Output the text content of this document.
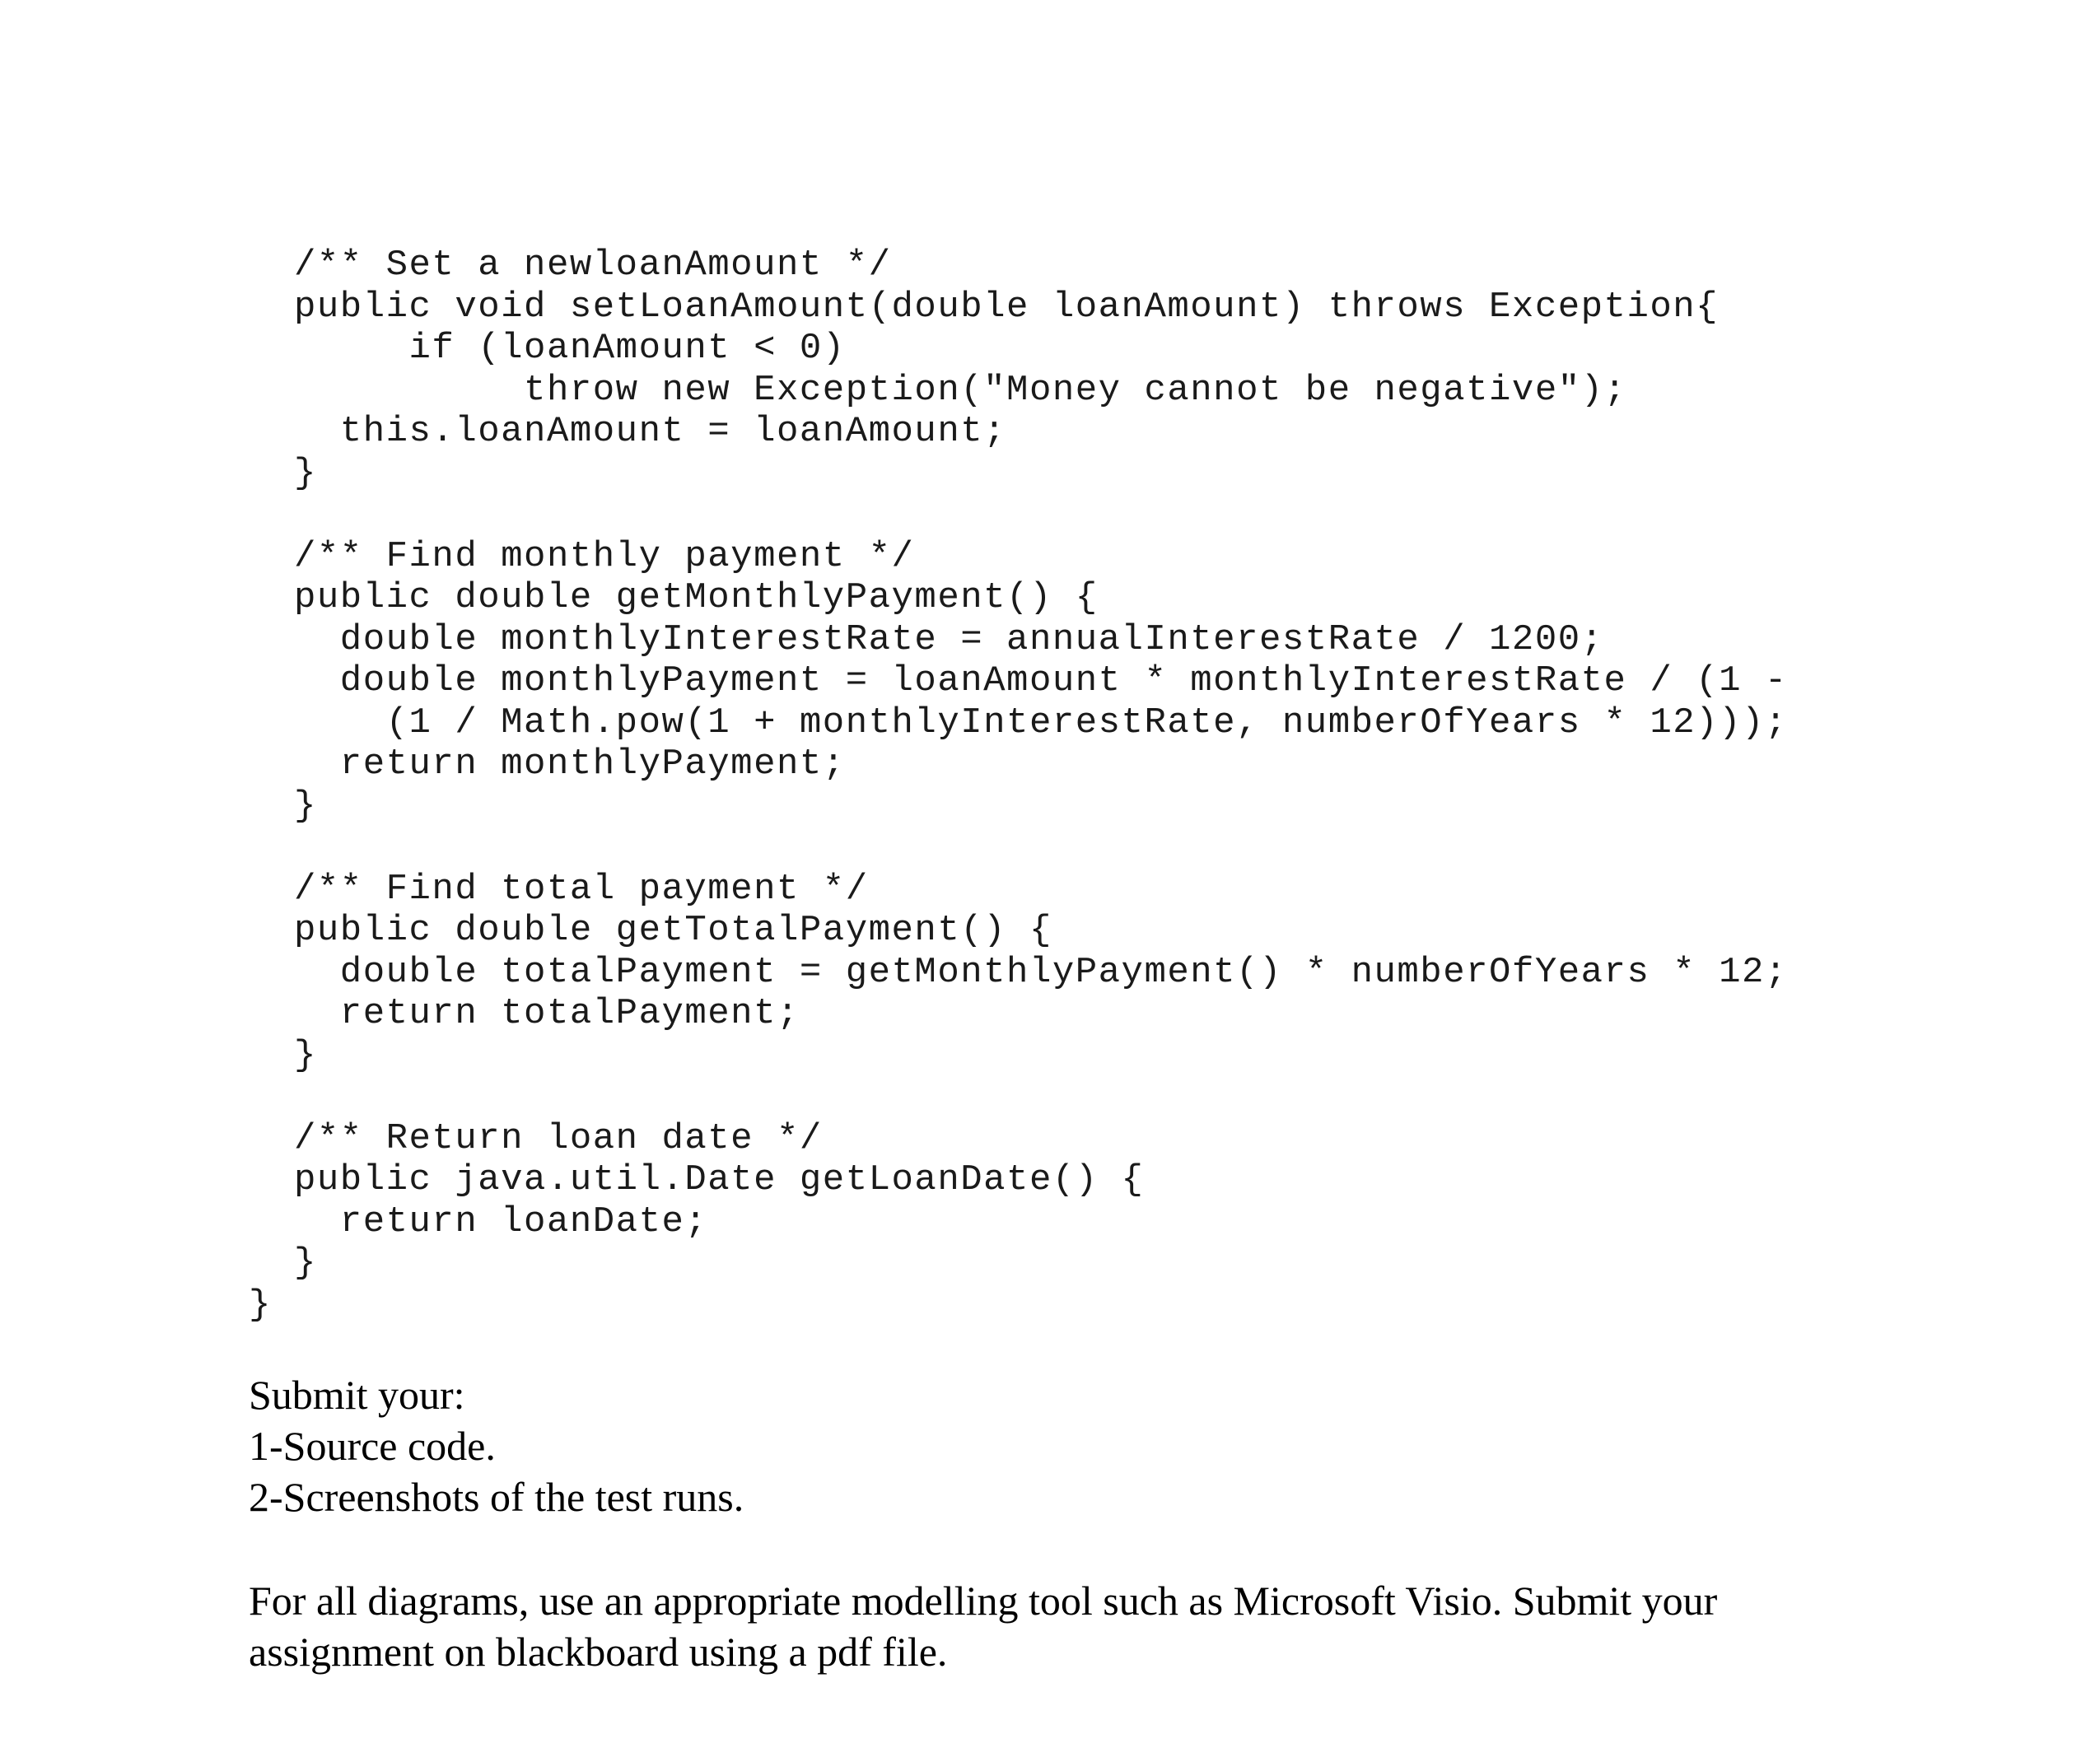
/** Set a newloanAmount */
public void setLoanAmount(double loanAmount) throws Exception{
if (loanAmount < 0)
throw new Exception("Money cannot be negative");
this.loanAmount = loanAmount;
}
/** Find monthly payment */
public double getMonthlyPayment() {
double monthlyInterestRate = annualInterestRate / 1200;
double monthlyPayment = loanAmount * monthlyInterestRate / (1 -
(1 / Math.pow(1 + monthlyInterestRate, numberOfYears * 12)));
return monthlyPayment;
}
/** Find total payment */
public double getTotalPayment() {
double totalPayment = getMonthlyPayment() * numberOfYears * 12;
return totalPayment;
}
/** Return loan date */
public java.util.Date getLoanDate() {
return loanDate;
}
}
Submit your:
1-Source code.
2-Screenshots of the test runs.
For all diagrams, use an appropriate modelling tool such as Microsoft Visio. Submit your
assignment on blackboard using a pdf file.
